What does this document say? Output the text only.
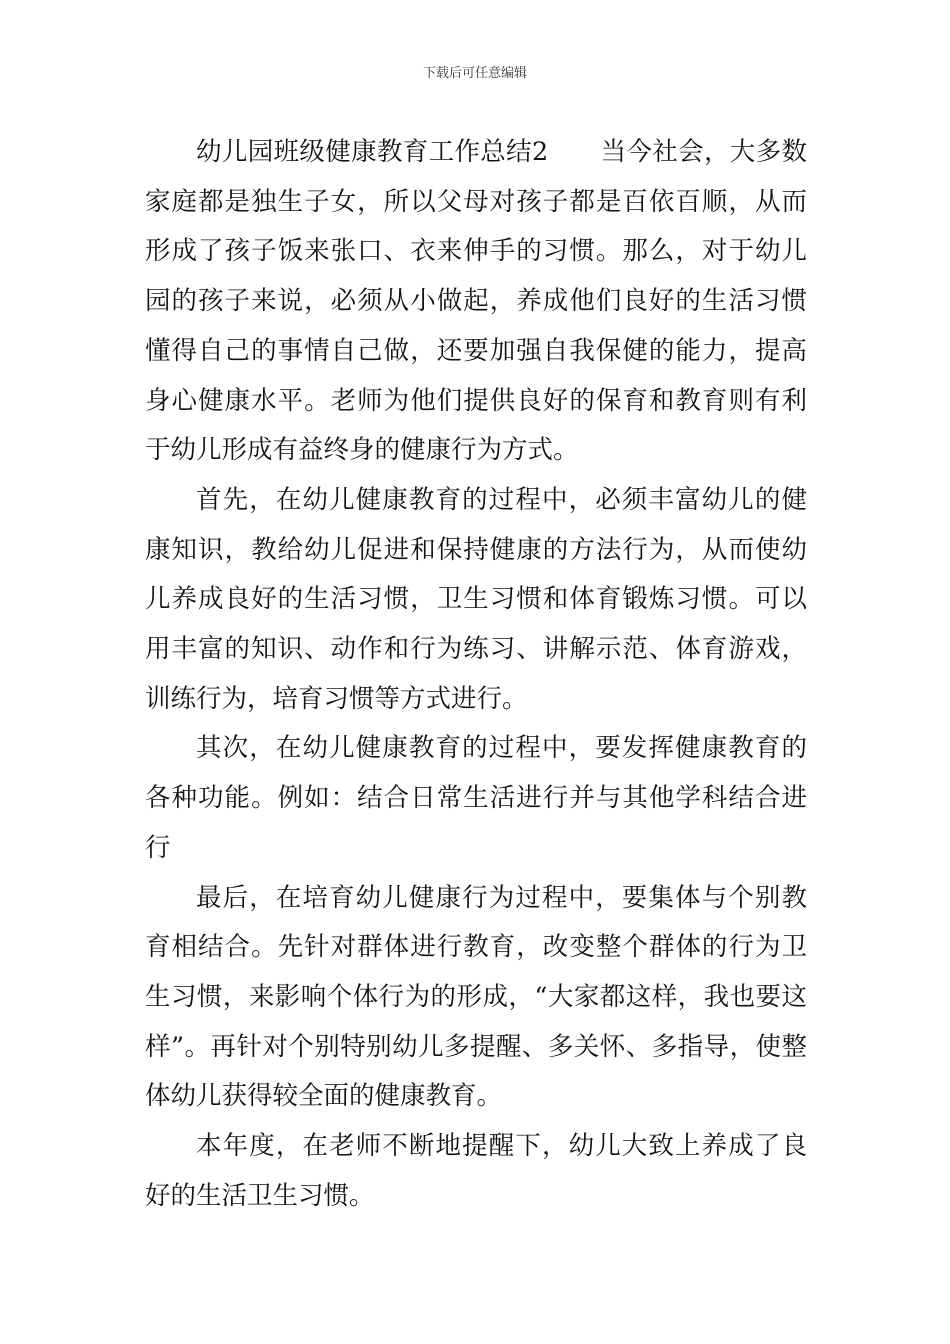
下载后可任意编辑

幼儿园班级健康教育工作总结2 当今社会，大多数家庭都是独生子女，所以父母对孩子都是百依百顺，从而形成了孩子饭来张口、衣来伸手的习惯。那么，对于幼儿园的孩子来说，必须从小做起，养成他们良好的生活习惯懂得自己的事情自己做，还要加强自我保健的能力，提高身心健康水平。老师为他们提供良好的保育和教育则有利于幼儿形成有益终身的健康行为方式。

首先，在幼儿健康教育的过程中，必须丰富幼儿的健康知识，教给幼儿促进和保持健康的方法行为，从而使幼儿养成良好的生活习惯，卫生习惯和体育锻炼习惯。可以用丰富的知识、动作和行为练习、讲解示范、体育游戏，训练行为，培育习惯等方式进行。

其次，在幼儿健康教育的过程中，要发挥健康教育的各种功能。例如：结合日常生活进行并与其他学科结合进行

最后，在培育幼儿健康行为过程中，要集体与个别教育相结合。先针对群体进行教育，改变整个群体的行为卫生习惯，来影响个体行为的形成，“大家都这样，我也要这样”。再针对个别特别幼儿多提醒、多关怀、多指导，使整体幼儿获得较全面的健康教育。

本年度，在老师不断地提醒下，幼儿大致上养成了良好的生活卫生习惯。
